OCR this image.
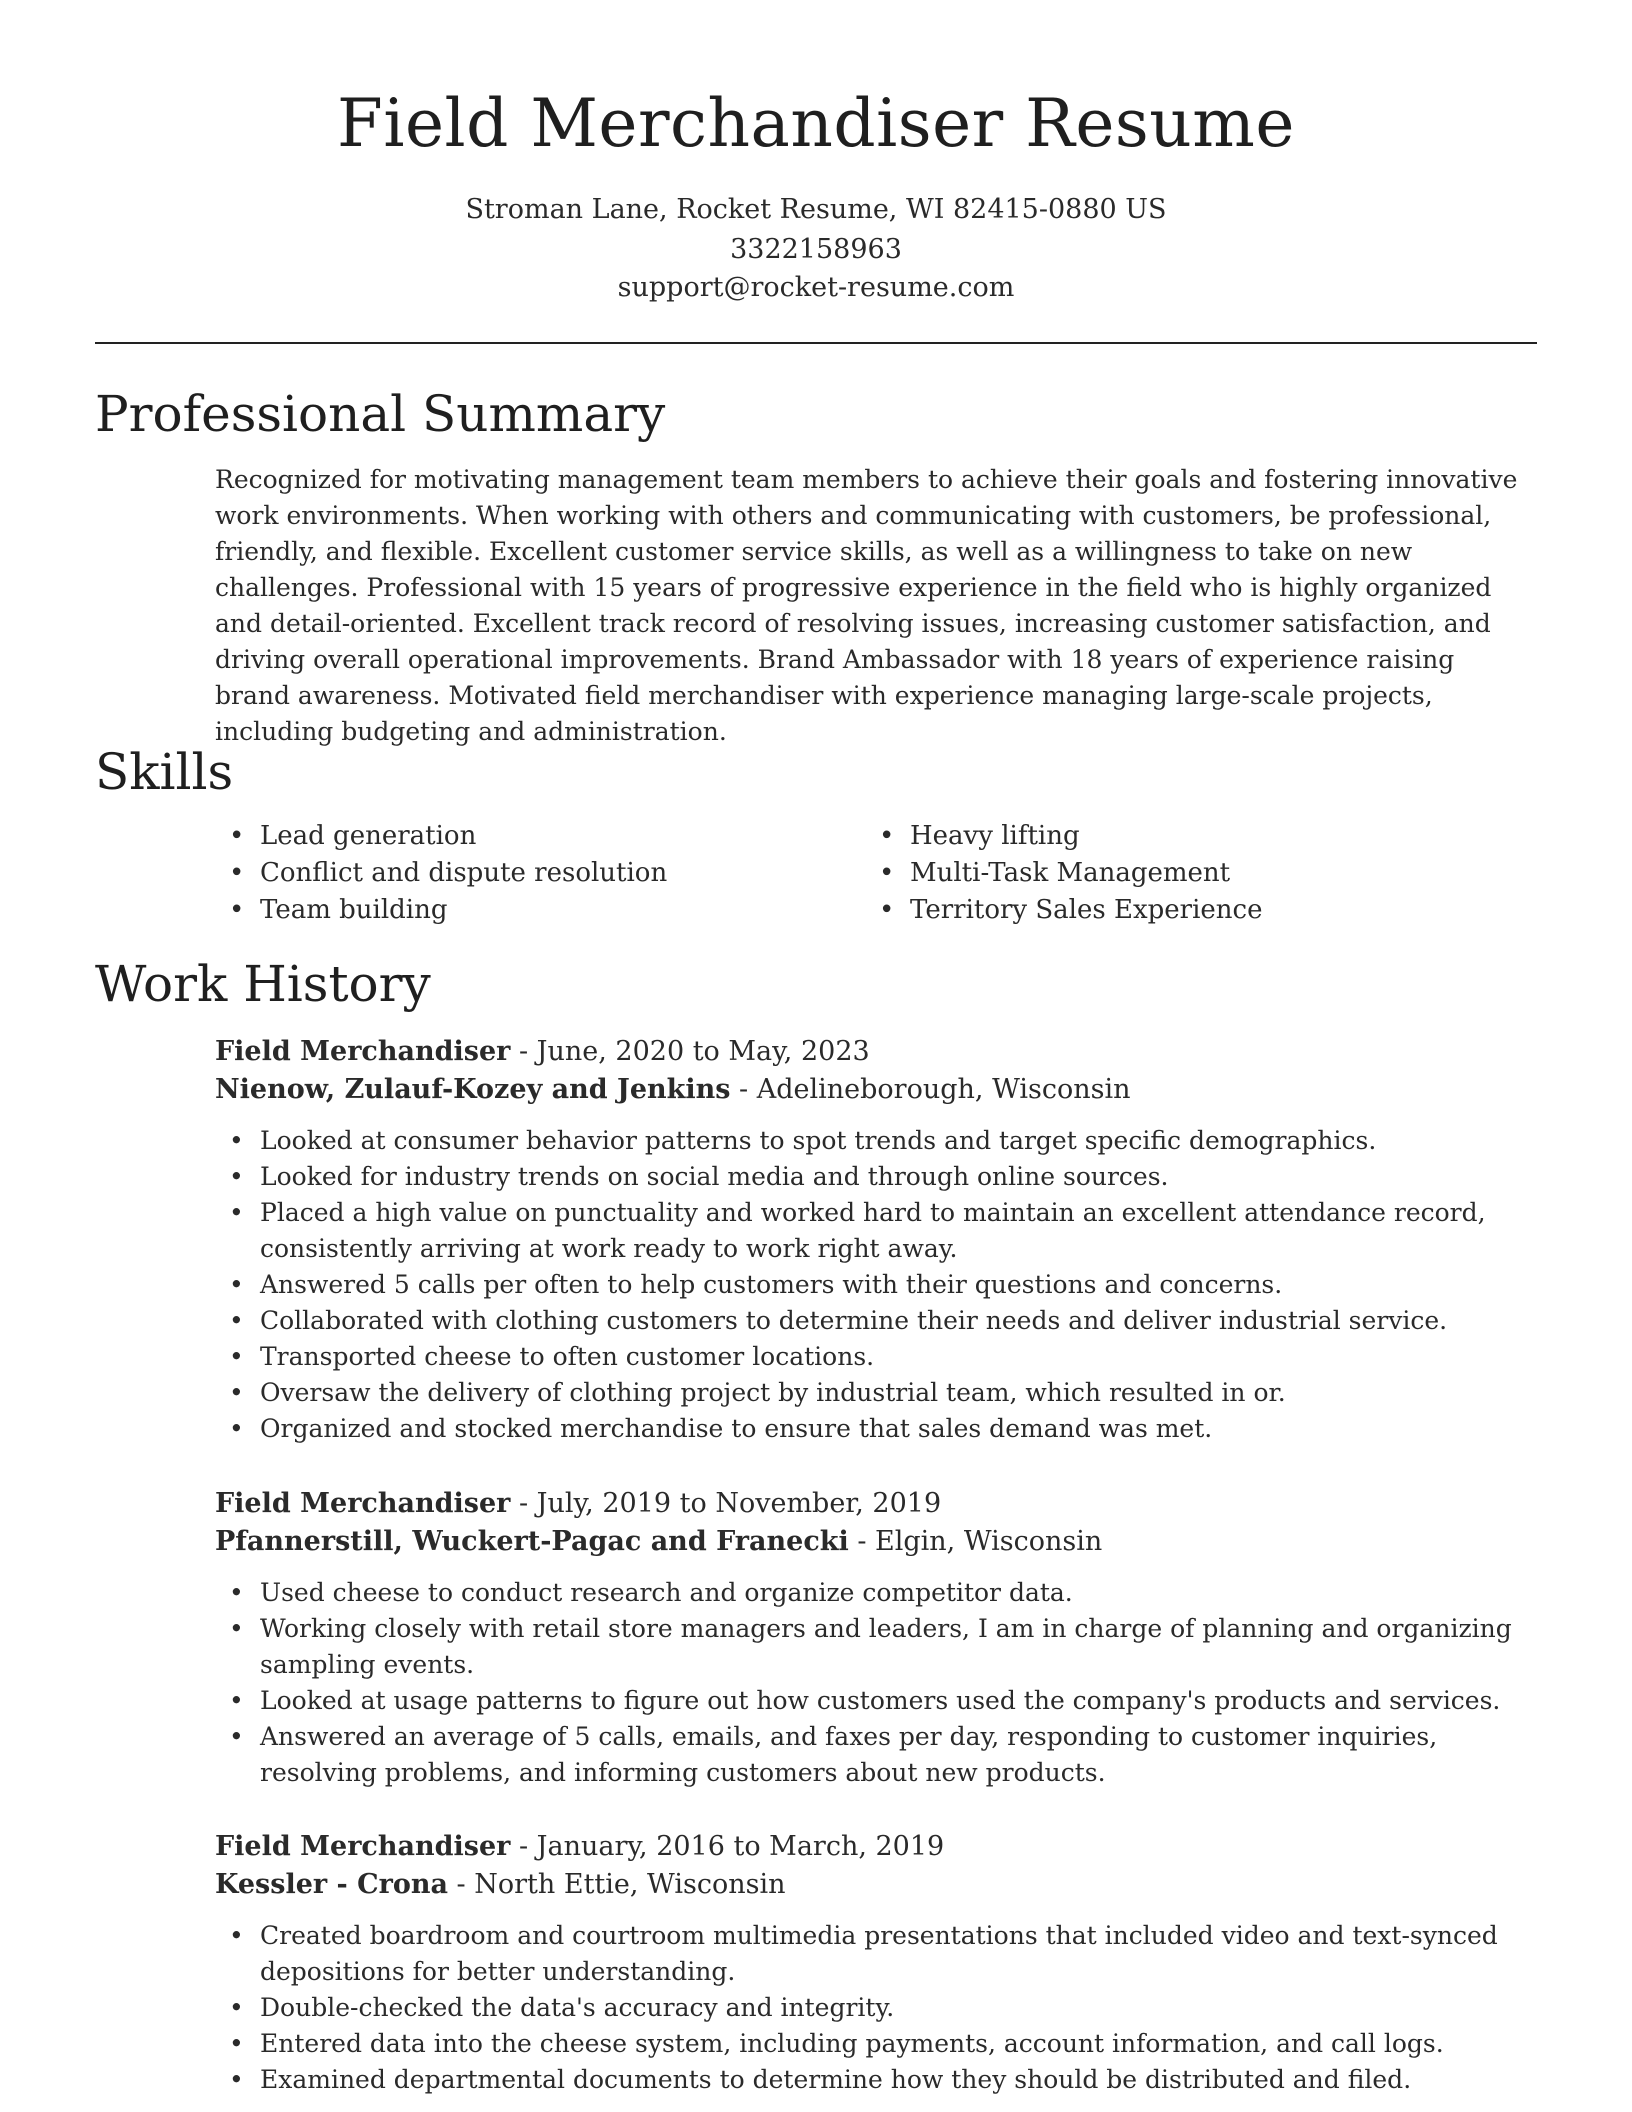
Field Merchandiser Resume

Stroman Lane, Rocket Resume, WI 82415-0880 US

3322158963

support@rocket-resume.com

Professional Summary

Recognized for motivating management team members to achieve their goals and fostering innovative work environments. When working with others and communicating with customers, be professional, friendly, and flexible. Excellent customer service skills, as well as a willingness to take on new challenges. Professional with 15 years of progressive experience in the field who is highly organized and detail-oriented. Excellent track record of resolving issues, increasing customer satisfaction, and driving overall operational improvements. Brand Ambassador with 18 years of experience raising brand awareness. Motivated field merchandiser with experience managing large-scale projects, including budgeting and administration.

Skills
• Lead generation
• Conflict and dispute resolution
• Team building
• Heavy lifting
• Multi-Task Management
• Territory Sales Experience
Work History

Field Merchandiser - June, 2020 to May, 2023

Nienow, Zulauf-Kozey and Jenkins - Adelineborough, Wisconsin

• Looked at consumer behavior patterns to spot trends and target specific demographics.
• Looked for industry trends on social media and through online sources.
• Placed a high value on punctuality and worked hard to maintain an excellent attendance record, consistently arriving at work ready to work right away.
• Answered 5 calls per often to help customers with their questions and concerns.
• Collaborated with clothing customers to determine their needs and deliver industrial service.
• Transported cheese to often customer locations.
• Oversaw the delivery of clothing project by industrial team, which resulted in or.
• Organized and stocked merchandise to ensure that sales demand was met.

Field Merchandiser - July, 2019 to November, 2019

Pfannerstill, Wuckert-Pagac and Franecki - Elgin, Wisconsin

• Used cheese to conduct research and organize competitor data.
• Working closely with retail store managers and leaders, I am in charge of planning and organizing sampling events.
• Looked at usage patterns to figure out how customers used the company's products and services.
• Answered an average of 5 calls, emails, and faxes per day, responding to customer inquiries, resolving problems, and informing customers about new products.

Field Merchandiser - January, 2016 to March, 2019

Kessler - Crona - North Ettie, Wisconsin

• Created boardroom and courtroom multimedia presentations that included video and text-synced depositions for better understanding.
• Double-checked the data's accuracy and integrity.
• Entered data into the cheese system, including payments, account information, and call logs.
• Examined departmental documents to determine how they should be distributed and filed.
